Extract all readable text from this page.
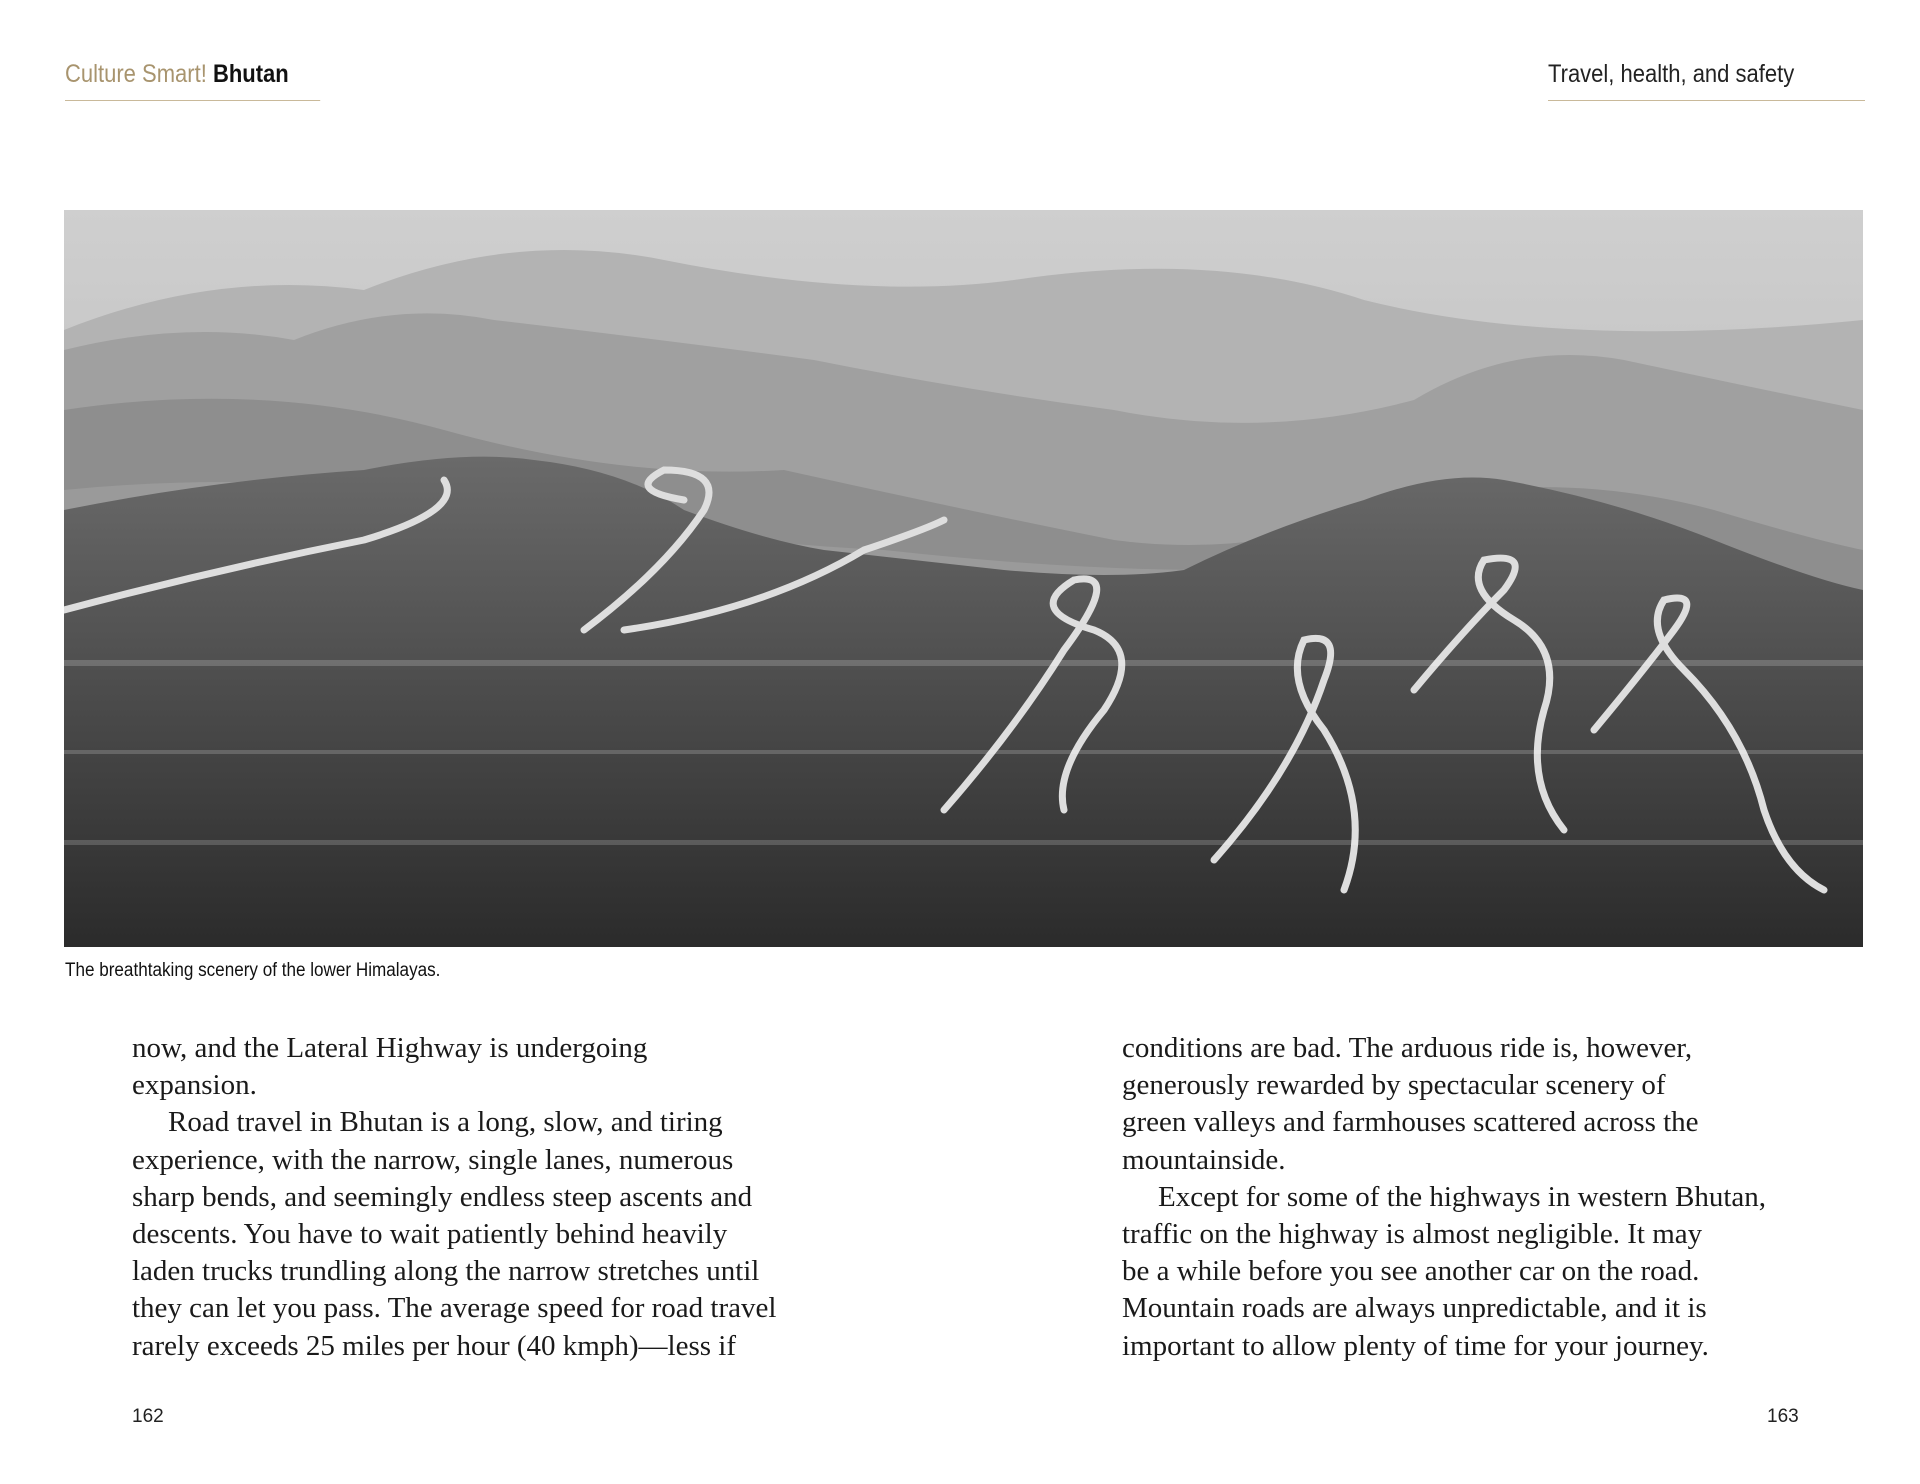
Culture Smart! Bhutan	Travel, health, and safety
The breathtaking scenery of the lower Himalayas.

now, and the Lateral Highway is undergoing
expansion.

Road travel in Bhutan is a long, slow, and tiring
experience, with the narrow, single lanes, numerous
sharp bends, and seemingly endless steep ascents and
descents. You have to wait patiently behind heavily
laden trucks trundling along the narrow stretches until
they can let you pass. The average speed for road travel
rarely exceeds 25 miles per hour (40 kmph)—less if

conditions are bad. The arduous ride is, however,
generously rewarded by spectacular scenery of
green valleys and farmhouses scattered across the
mountainside.

Except for some of the highways in western Bhutan,
traffic on the highway is almost negligible. It may
be a while before you see another car on the road.
Mountain roads are always unpredictable, and it is
important to allow plenty of time for your journey.

162	163
